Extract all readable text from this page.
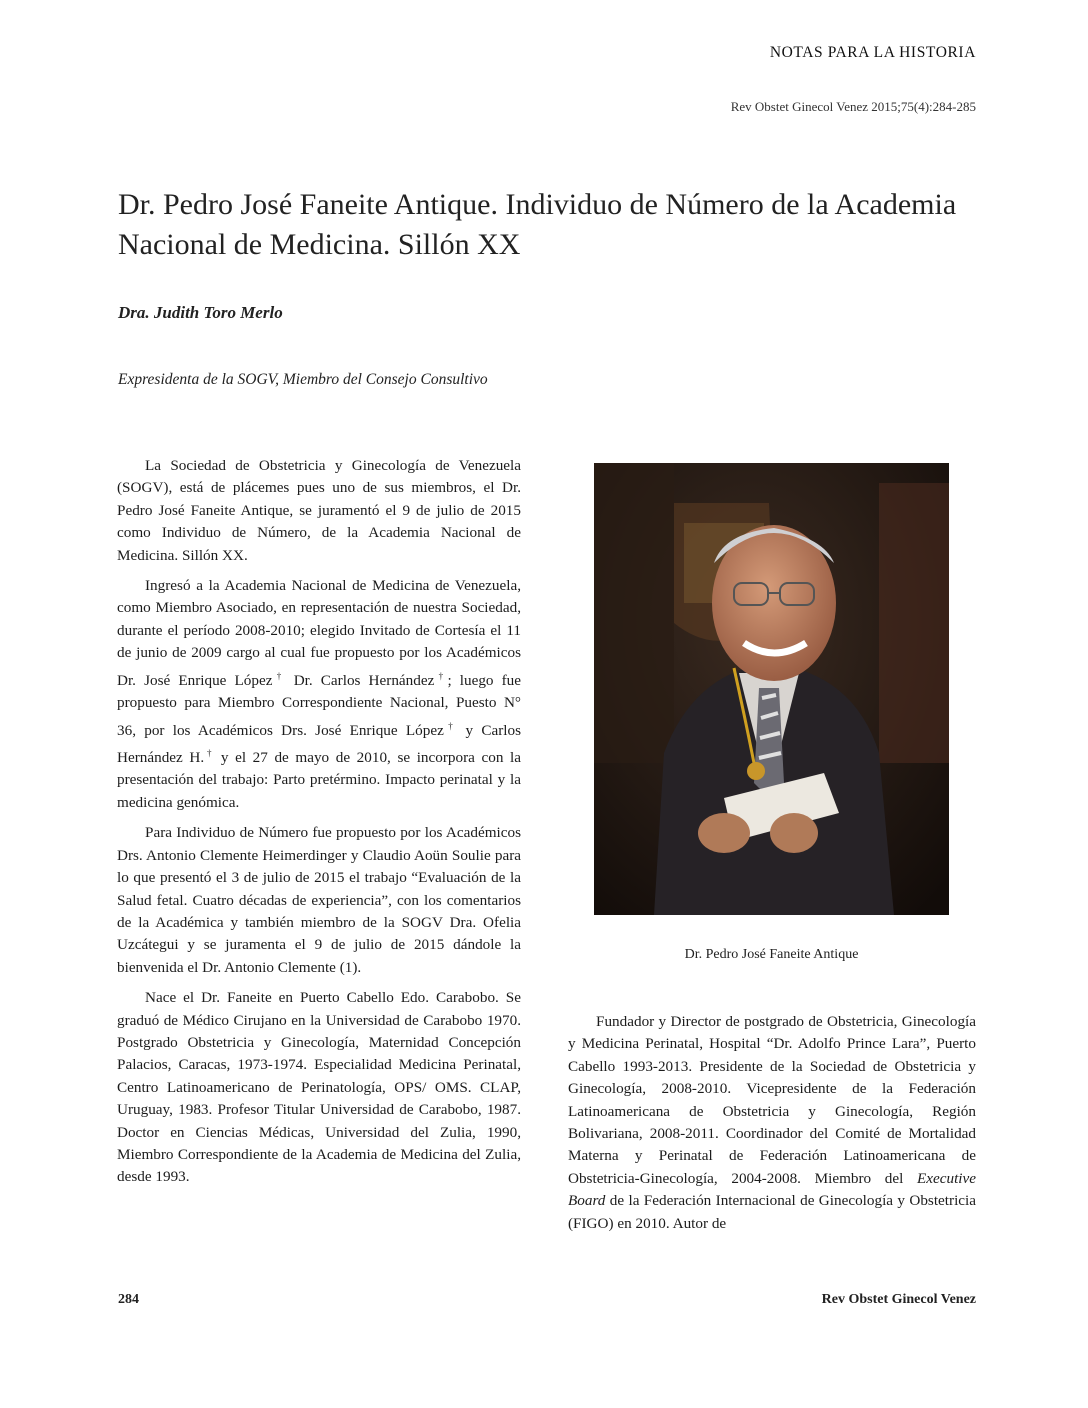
NOTAS PARA LA HISTORIA
Rev Obstet Ginecol Venez 2015;75(4):284-285
Dr. Pedro José Faneite Antique. Individuo de Número de la Academia Nacional de Medicina. Sillón XX
Dra. Judith Toro Merlo
Expresidenta de la SOGV, Miembro del Consejo Consultivo

La Sociedad de Obstetricia y Ginecología de Venezuela (SOGV), está de plácemes pues uno de sus miembros, el Dr. Pedro José Faneite Antique, se juramentó el 9 de julio de 2015 como Individuo de Número, de la Academia Nacional de Medicina. Sillón XX.

Ingresó a la Academia Nacional de Medicina de Venezuela, como Miembro Asociado, en representación de nuestra Sociedad, durante el período 2008-2010; elegido Invitado de Cortesía el 11 de junio de 2009 cargo al cual fue propuesto por los Académicos Dr. José Enrique López† Dr. Carlos Hernández†; luego fue propuesto para Miembro Correspondiente Nacional, Puesto N° 36, por los Académicos Drs. José Enrique López† y Carlos Hernández H.† y el 27 de mayo de 2010, se incorpora con la presentación del trabajo: Parto pretérmino. Impacto perinatal y la medicina genómica.

Para Individuo de Número fue propuesto por los Académicos Drs. Antonio Clemente Heimerdinger y Claudio Aoün Soulie para lo que presentó el 3 de julio de 2015 el trabajo “Evaluación de la Salud fetal. Cuatro décadas de experiencia”, con los comentarios de la Académica y también miembro de la SOGV Dra. Ofelia Uzcátegui y se juramenta el 9 de julio de 2015 dándole la bienvenida el Dr. Antonio Clemente (1).

Nace el Dr. Faneite en Puerto Cabello Edo. Carabobo. Se graduó de Médico Cirujano en la Universidad de Carabobo 1970. Postgrado Obstetricia y Ginecología, Maternidad Concepción Palacios, Caracas, 1973-1974. Especialidad Medicina Perinatal, Centro Latinoamericano de Perinatología, OPS/ OMS. CLAP, Uruguay, 1983. Profesor Titular Universidad de Carabobo, 1987. Doctor en Ciencias Médicas, Universidad del Zulia, 1990, Miembro Correspondiente de la Academia de Medicina del Zulia, desde 1993.

Dr. Pedro José Faneite Antique

Fundador y Director de postgrado de Obstetricia, Ginecología y Medicina Perinatal, Hospital “Dr. Adolfo Prince Lara”, Puerto Cabello 1993-2013. Presidente de la Sociedad de Obstetricia y Ginecología, 2008-2010. Vicepresidente de la Federación Latinoamericana de Obstetricia y Ginecología, Región Bolivariana, 2008-2011. Coordinador del Comité de Mortalidad Materna y Perinatal de Federación Latinoamericana de Obstetricia-Ginecología, 2004-2008. Miembro del Executive Board de la Federación Internacional de Ginecología y Obstetricia (FIGO) en 2010. Autor de

284	Rev Obstet Ginecol Venez
